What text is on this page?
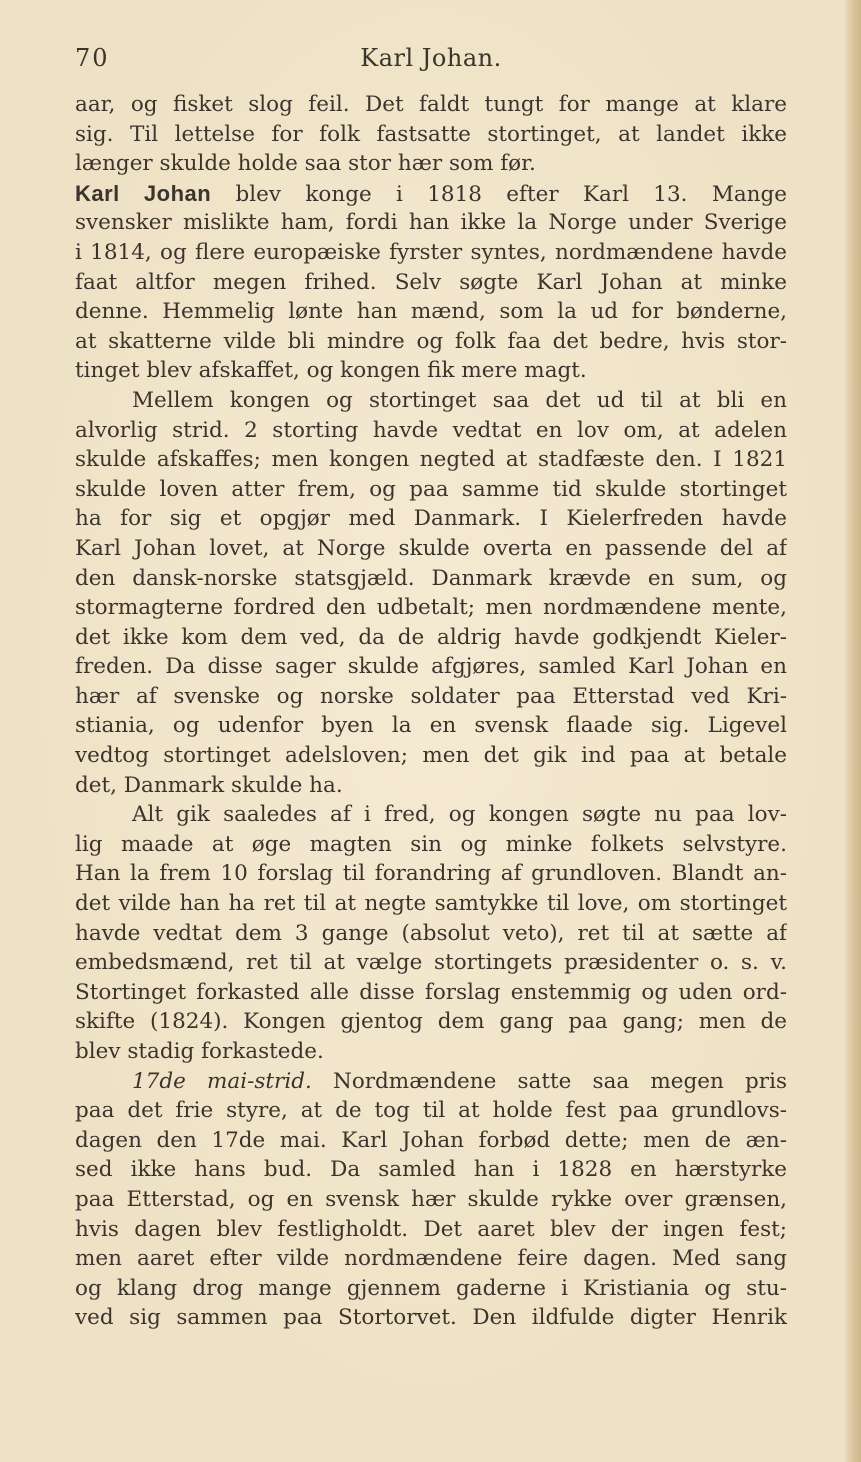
70	Karl Johan.
aar, og fisket slog feil. Det faldt tungt for mange at klare
sig. Til lettelse for folk fastsatte stortinget, at landet ikke
længer skulde holde saa stor hær som før.
Karl Johan blev konge i 1818 efter Karl 13. Mange
svensker mislikte ham, fordi han ikke la Norge under Sverige
i 1814, og flere europæiske fyrster syntes, nordmændene havde
faat altfor megen frihed. Selv søgte Karl Johan at minke
denne. Hemmelig lønte han mænd, som la ud for bønderne,
at skatterne vilde bli mindre og folk faa det bedre, hvis stor-
tinget blev afskaffet, og kongen fik mere magt.
Mellem kongen og stortinget saa det ud til at bli en
alvorlig strid. 2 storting havde vedtat en lov om, at adelen
skulde afskaffes; men kongen negted at stadfæste den. I 1821
skulde loven atter frem, og paa samme tid skulde stortinget
ha for sig et opgjør med Danmark. I Kielerfreden havde
Karl Johan lovet, at Norge skulde overta en passende del af
den dansk-norske statsgjæld. Danmark krævde en sum, og
stormagterne fordred den udbetalt; men nordmændene mente,
det ikke kom dem ved, da de aldrig havde godkjendt Kieler-
freden. Da disse sager skulde afgjøres, samled Karl Johan en
hær af svenske og norske soldater paa Etterstad ved Kri-
stiania, og udenfor byen la en svensk flaade sig. Ligevel
vedtog stortinget adelsloven; men det gik ind paa at betale
det, Danmark skulde ha.
Alt gik saaledes af i fred, og kongen søgte nu paa lov-
lig maade at øge magten sin og minke folkets selvstyre.
Han la frem 10 forslag til forandring af grundloven. Blandt an-
det vilde han ha ret til at negte samtykke til love, om stortinget
havde vedtat dem 3 gange (absolut veto), ret til at sætte af
embedsmænd, ret til at vælge stortingets præsidenter o. s. v.
Stortinget forkasted alle disse forslag enstemmig og uden ord-
skifte (1824). Kongen gjentog dem gang paa gang; men de
blev stadig forkastede.
17de mai-strid. Nordmændene satte saa megen pris
paa det frie styre, at de tog til at holde fest paa grundlovs-
dagen den 17de mai. Karl Johan forbød dette; men de æn-
sed ikke hans bud. Da samled han i 1828 en hærstyrke
paa Etterstad, og en svensk hær skulde rykke over grænsen,
hvis dagen blev festligholdt. Det aaret blev der ingen fest;
men aaret efter vilde nordmændene feire dagen. Med sang
og klang drog mange gjennem gaderne i Kristiania og stu-
ved sig sammen paa Stortorvet. Den ildfulde digter Henrik
